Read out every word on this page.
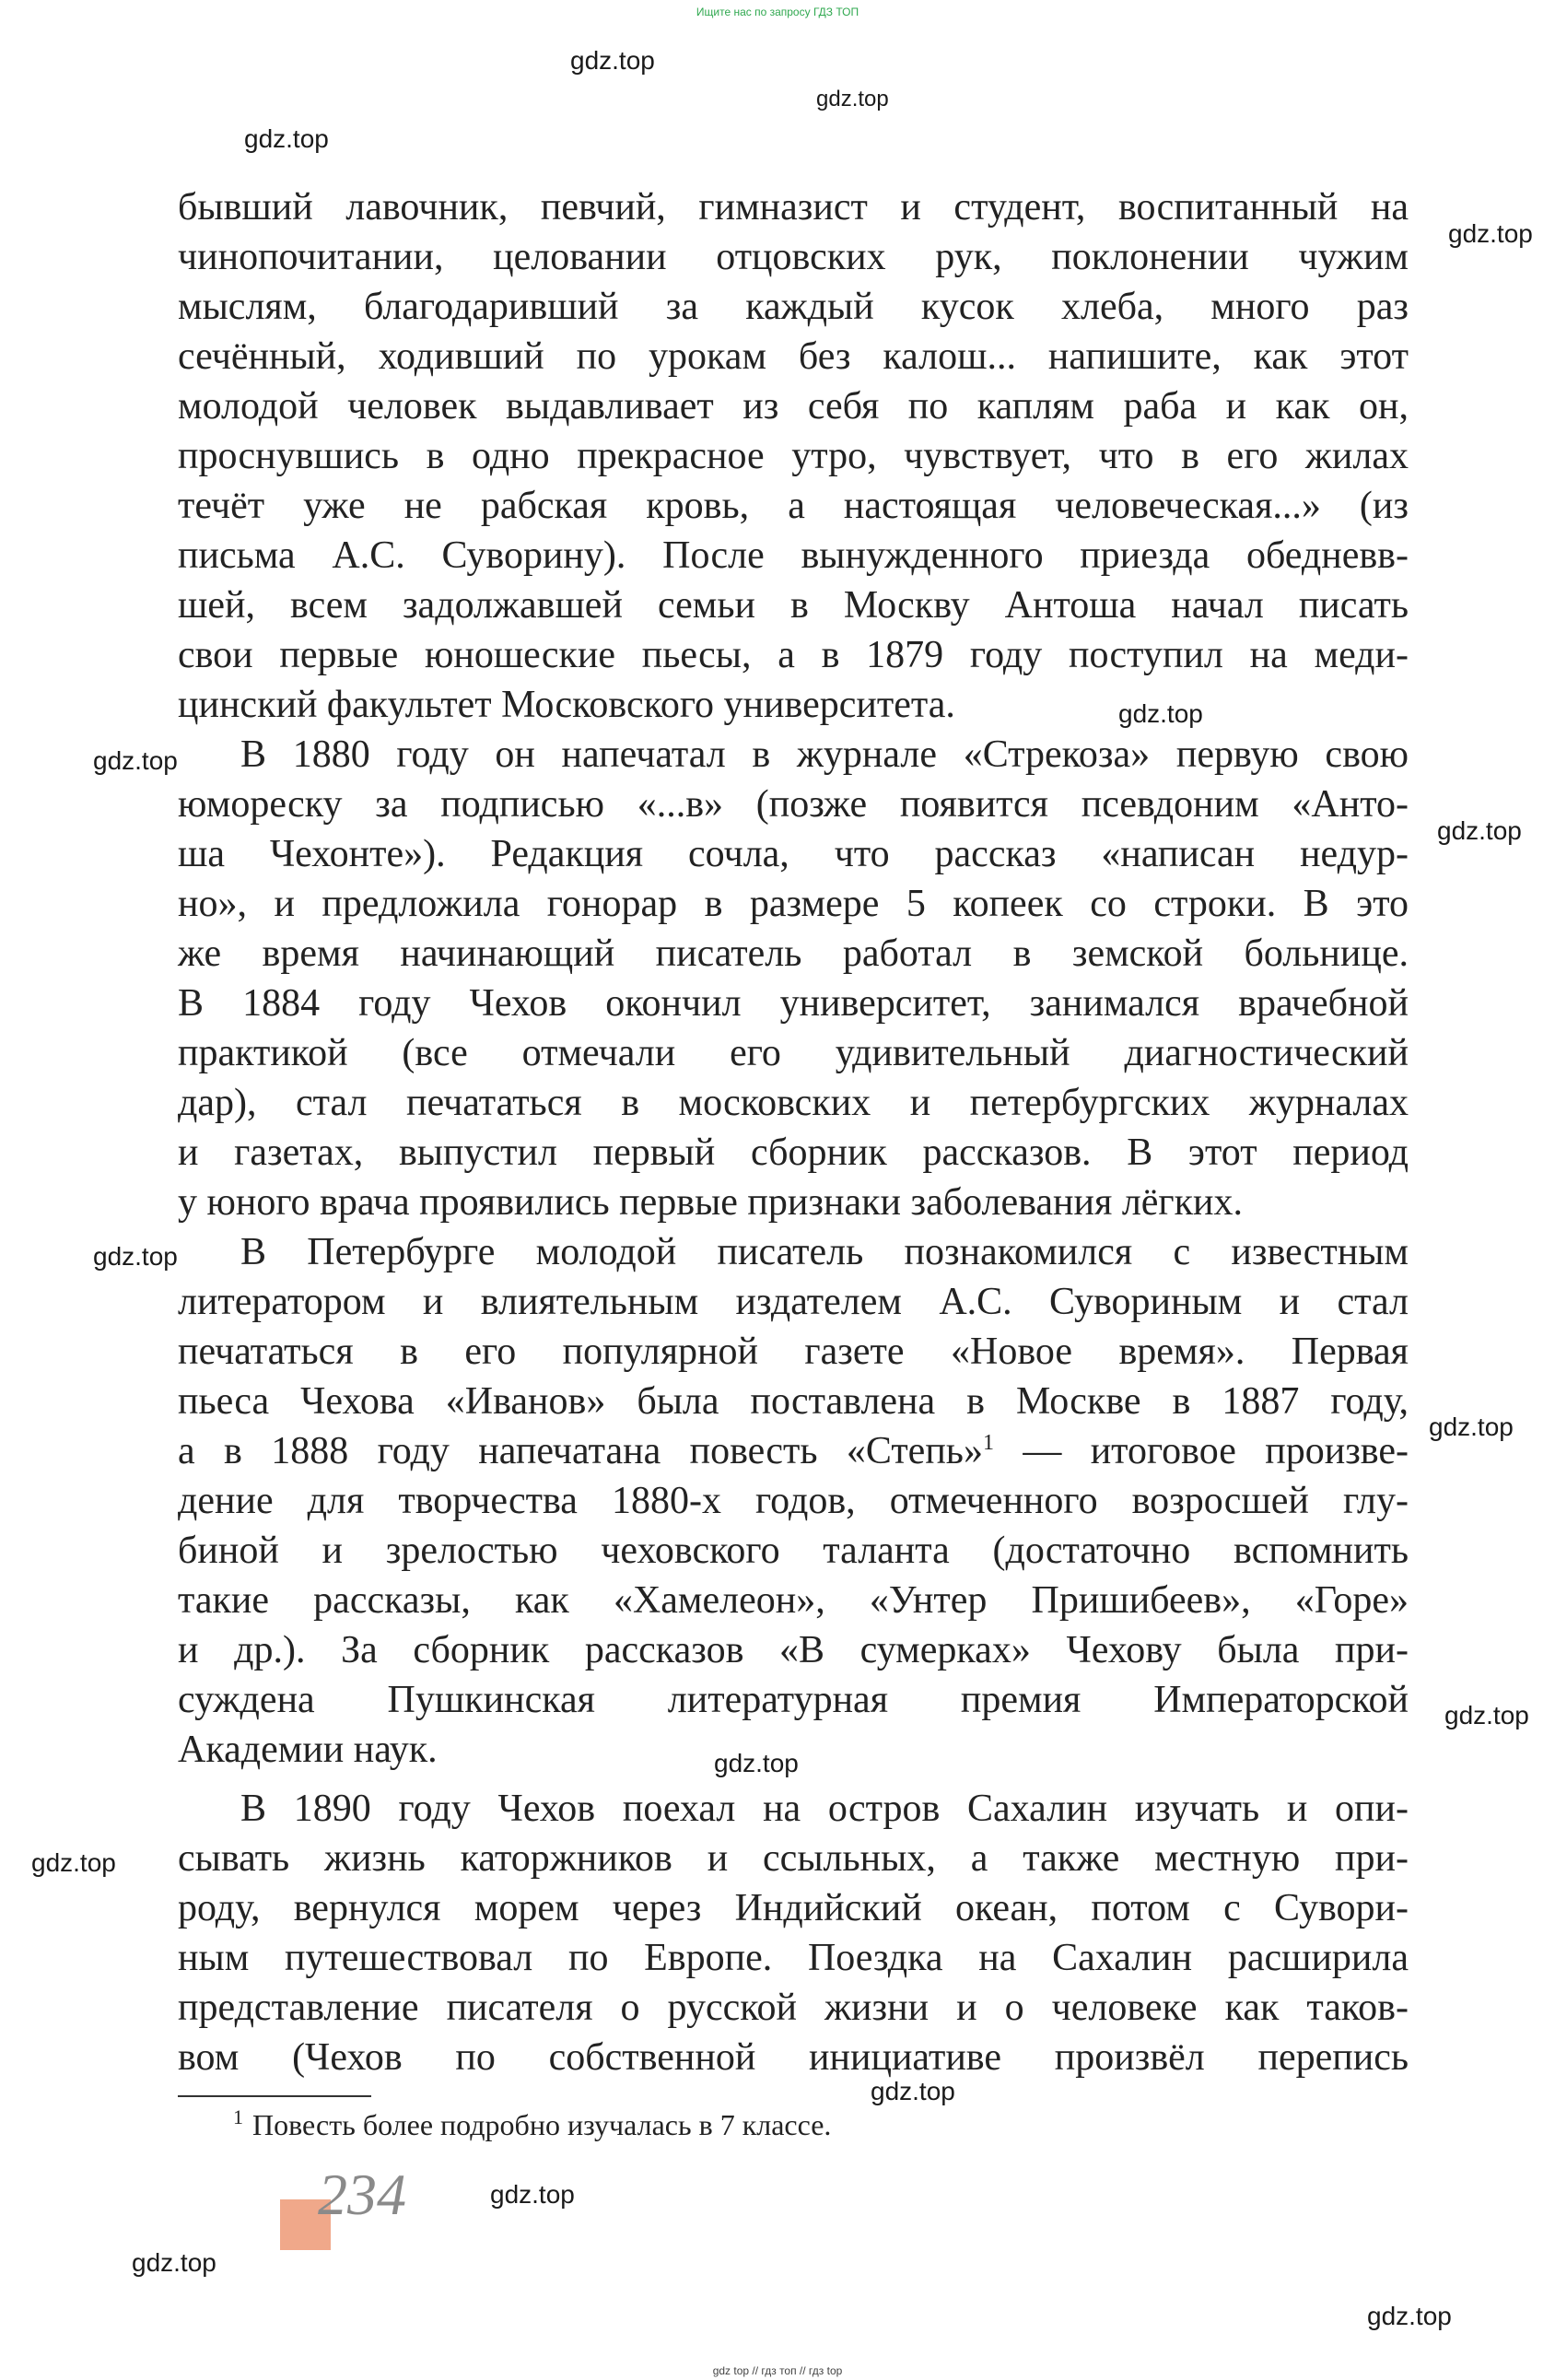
Ищите нас по запросу ГДЗ ТОП
gdz.top
gdz.top
gdz.top
gdz.top
gdz.top
gdz.top
gdz.top
gdz.top
gdz.top
gdz.top
gdz.top
gdz.top
gdz.top
gdz.top
gdz.top
gdz.top
бывший лавочник, певчий, гимназист и студент, воспитанный на
чинопочитании, целовании отцовских рук, поклонении чужим
мыслям, благодаривший за каждый кусок хлеба, много раз
сечённый, ходивший по урокам без калош... напишите, как этот
молодой человек выдавливает из себя по каплям раба и как он,
проснувшись в одно прекрасное утро, чувствует, что в его жилах
течёт уже не рабская кровь, а настоящая человеческая...» (из
письма А.С. Суворину). После вынужденного приезда обедневв-
шей, всем задолжавшей семьи в Москву Антоша начал писать
свои первые юношеские пьесы, а в 1879 году поступил на меди-
цинский факультет Московского университета.
В 1880 году он напечатал в журнале «Стрекоза» первую свою
юмореску за подписью «...в» (позже появится псевдоним «Анто-
ша Чехонте»). Редакция сочла, что рассказ «написан недур-
но», и предложила гонорар в размере 5 копеек со строки. В это
же время начинающий писатель работал в земской больнице.
В 1884 году Чехов окончил университет, занимался врачебной
практикой (все отмечали его удивительный диагностический
дар), стал печататься в московских и петербургских журналах
и газетах, выпустил первый сборник рассказов. В этот период
у юного врача проявились первые признаки заболевания лёгких.
В Петербурге молодой писатель познакомился с известным
литератором и влиятельным издателем А.С. Сувориным и стал
печататься в его популярной газете «Новое время». Первая
пьеса Чехова «Иванов» была поставлена в Москве в 1887 году,
а в 1888 году напечатана повесть «Степь»$^1$ — итоговое произве-
дение для творчества 1880-х годов, отмеченного возросшей глу-
биной и зрелостью чеховского таланта (достаточно вспомнить
такие рассказы, как «Хамелеон», «Унтер Пришибеев», «Горе»
и др.). За сборник рассказов «В сумерках» Чехову была при-
суждена Пушкинская литературная премия Императорской
Академии наук.
В 1890 году Чехов поехал на остров Сахалин изучать и опи-
сывать жизнь каторжников и ссыльных, а также местную при-
роду, вернулся морем через Индийский океан, потом с Сувори-
ным путешествовал по Европе. Поездка на Сахалин расширила
представление писателя о русской жизни и о человеке как таков-
вом (Чехов по собственной инициативе произвёл перепись
$^1$ Повесть более подробно изучалась в 7 классе.
234
gdz top // гдз топ // гдз top
